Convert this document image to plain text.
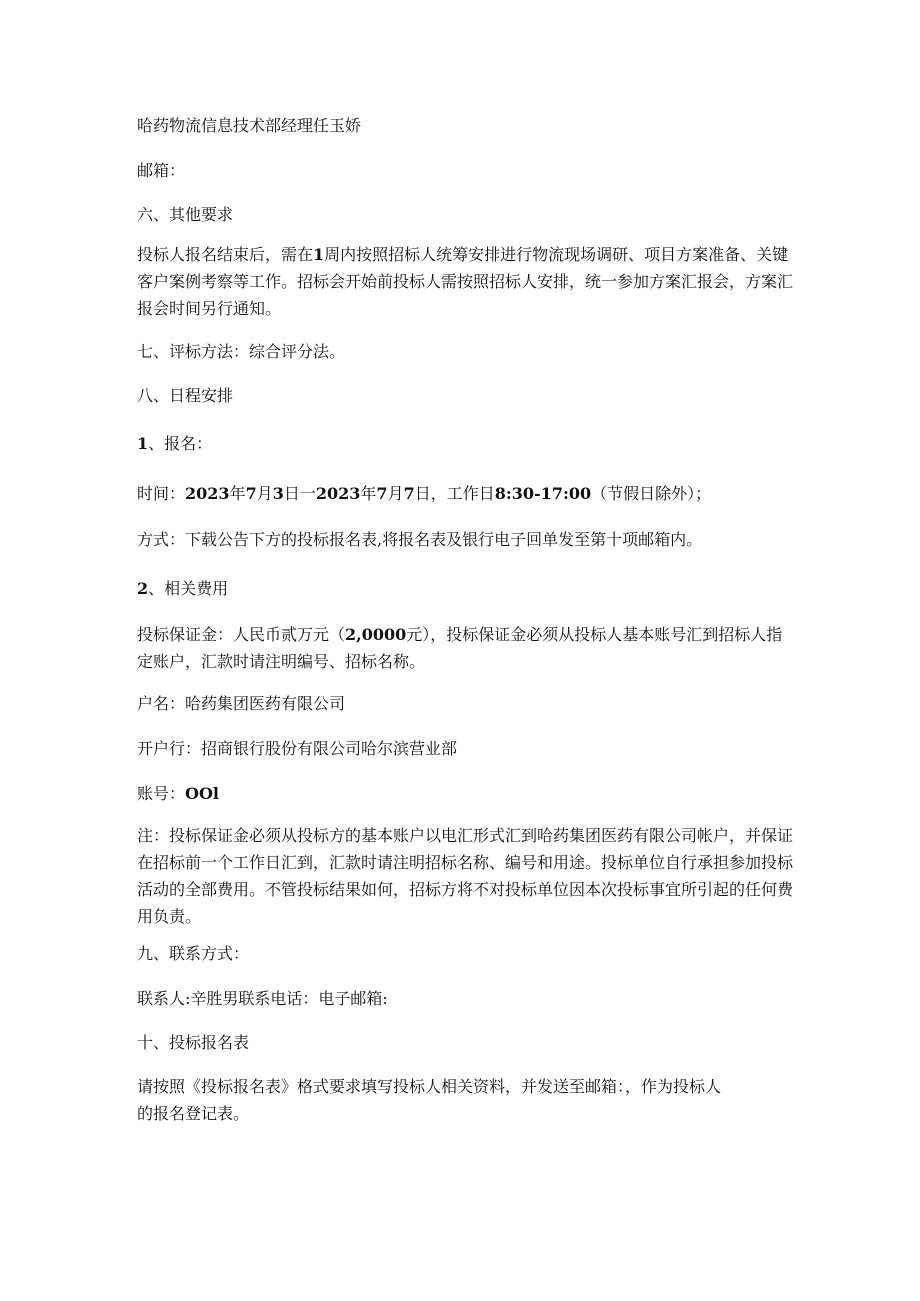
哈药物流信息技术部经理任玉娇
邮箱：
六、其他要求
投标人报名结束后，需在1周内按照招标人统筹安排进行物流现场调研、项目方案准备、关键客户案例考察等工作。招标会开始前投标人需按照招标人安排，统一参加方案汇报会，方案汇报会时间另行通知。
七、评标方法：综合评分法。
八、日程安排
1、报名：
时间：2023年7月3日一2023年7月7日，工作日8:30-17:00（节假日除外）；
方式：下载公告下方的投标报名表,将报名表及银行电子回单发至第十项邮箱内。
2、相关费用
投标保证金：人民币贰万元（2,0000元），投标保证金必须从投标人基本账号汇到招标人指定账户，汇款时请注明编号、招标名称。
户名：哈药集团医药有限公司
开户行：招商银行股份有限公司哈尔滨营业部
账号：OOl
注：投标保证金必须从投标方的基本账户以电汇形式汇到哈药集团医药有限公司帐户，并保证在招标前一个工作日汇到，汇款时请注明招标名称、编号和用途。投标单位自行承担参加投标活动的全部费用。不管投标结果如何，招标方将不对投标单位因本次投标事宜所引起的任何费用负责。
九、联系方式：
联系人:辛胜男联系电话：电子邮箱:
十、投标报名表
请按照《投标报名表》格式要求填写投标人相关资料，并发送至邮箱：，作为投标人
的报名登记表。
